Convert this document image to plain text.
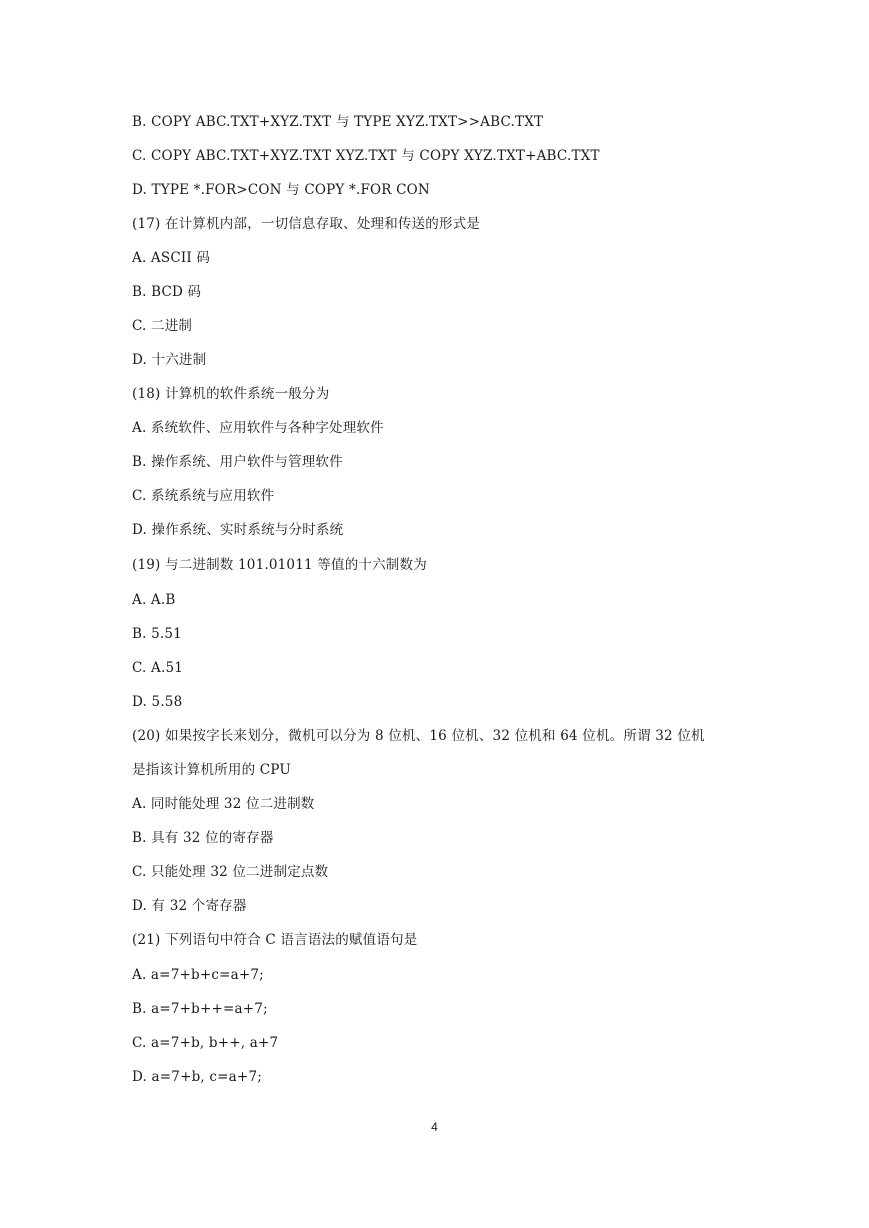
B. COPY ABC.TXT+XYZ.TXT 与 TYPE XYZ.TXT>>ABC.TXT
C. COPY ABC.TXT+XYZ.TXT XYZ.TXT 与 COPY XYZ.TXT+ABC.TXT
D. TYPE *.FOR>CON 与 COPY *.FOR CON
(17) 在计算机内部，一切信息存取、处理和传送的形式是
A. ASCII 码
B. BCD 码
C. 二进制
D. 十六进制
(18) 计算机的软件系统一般分为
A. 系统软件、应用软件与各种字处理软件
B. 操作系统、用户软件与管理软件
C. 系统系统与应用软件
D. 操作系统、实时系统与分时系统
(19) 与二进制数 101.01011 等值的十六制数为
A. A.B
B. 5.51
C. A.51
D. 5.58
(20) 如果按字长来划分，微机可以分为 8 位机、16 位机、32 位机和 64 位机。所谓 32 位机
是指该计算机所用的 CPU
A. 同时能处理 32 位二进制数
B. 具有 32 位的寄存器
C. 只能处理 32 位二进制定点数
D. 有 32 个寄存器
(21) 下列语句中符合 C 语言语法的赋值语句是
A. a=7+b+c=a+7;
B. a=7+b++=a+7;
C. a=7+b, b++, a+7
D. a=7+b, c=a+7;
4
